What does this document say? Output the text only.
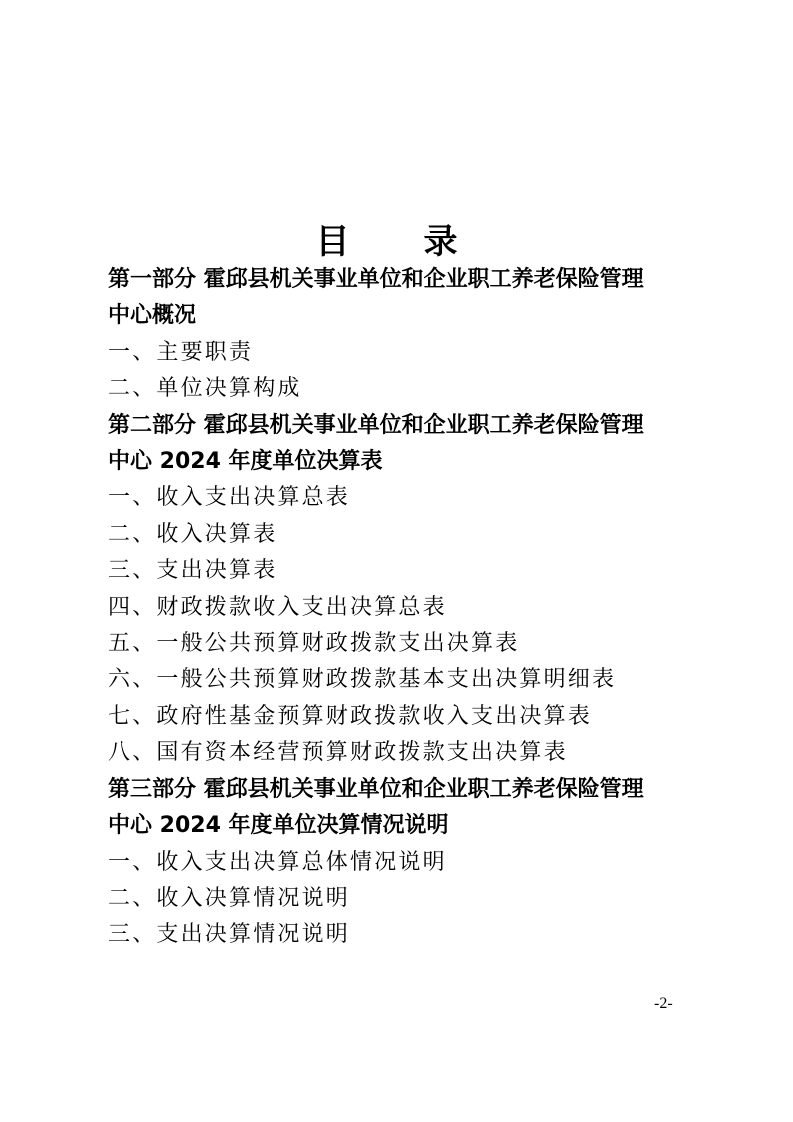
目　录
第一部分 霍邱县机关事业单位和企业职工养老保险管理
中心概况
一、主要职责
二、单位决算构成
第二部分 霍邱县机关事业单位和企业职工养老保险管理
中心 2024 年度单位决算表
一、收入支出决算总表
二、收入决算表
三、支出决算表
四、财政拨款收入支出决算总表
五、一般公共预算财政拨款支出决算表
六、一般公共预算财政拨款基本支出决算明细表
七、政府性基金预算财政拨款收入支出决算表
八、国有资本经营预算财政拨款支出决算表
第三部分 霍邱县机关事业单位和企业职工养老保险管理
中心 2024 年度单位决算情况说明
一、收入支出决算总体情况说明
二、收入决算情况说明
三、支出决算情况说明
-2-
